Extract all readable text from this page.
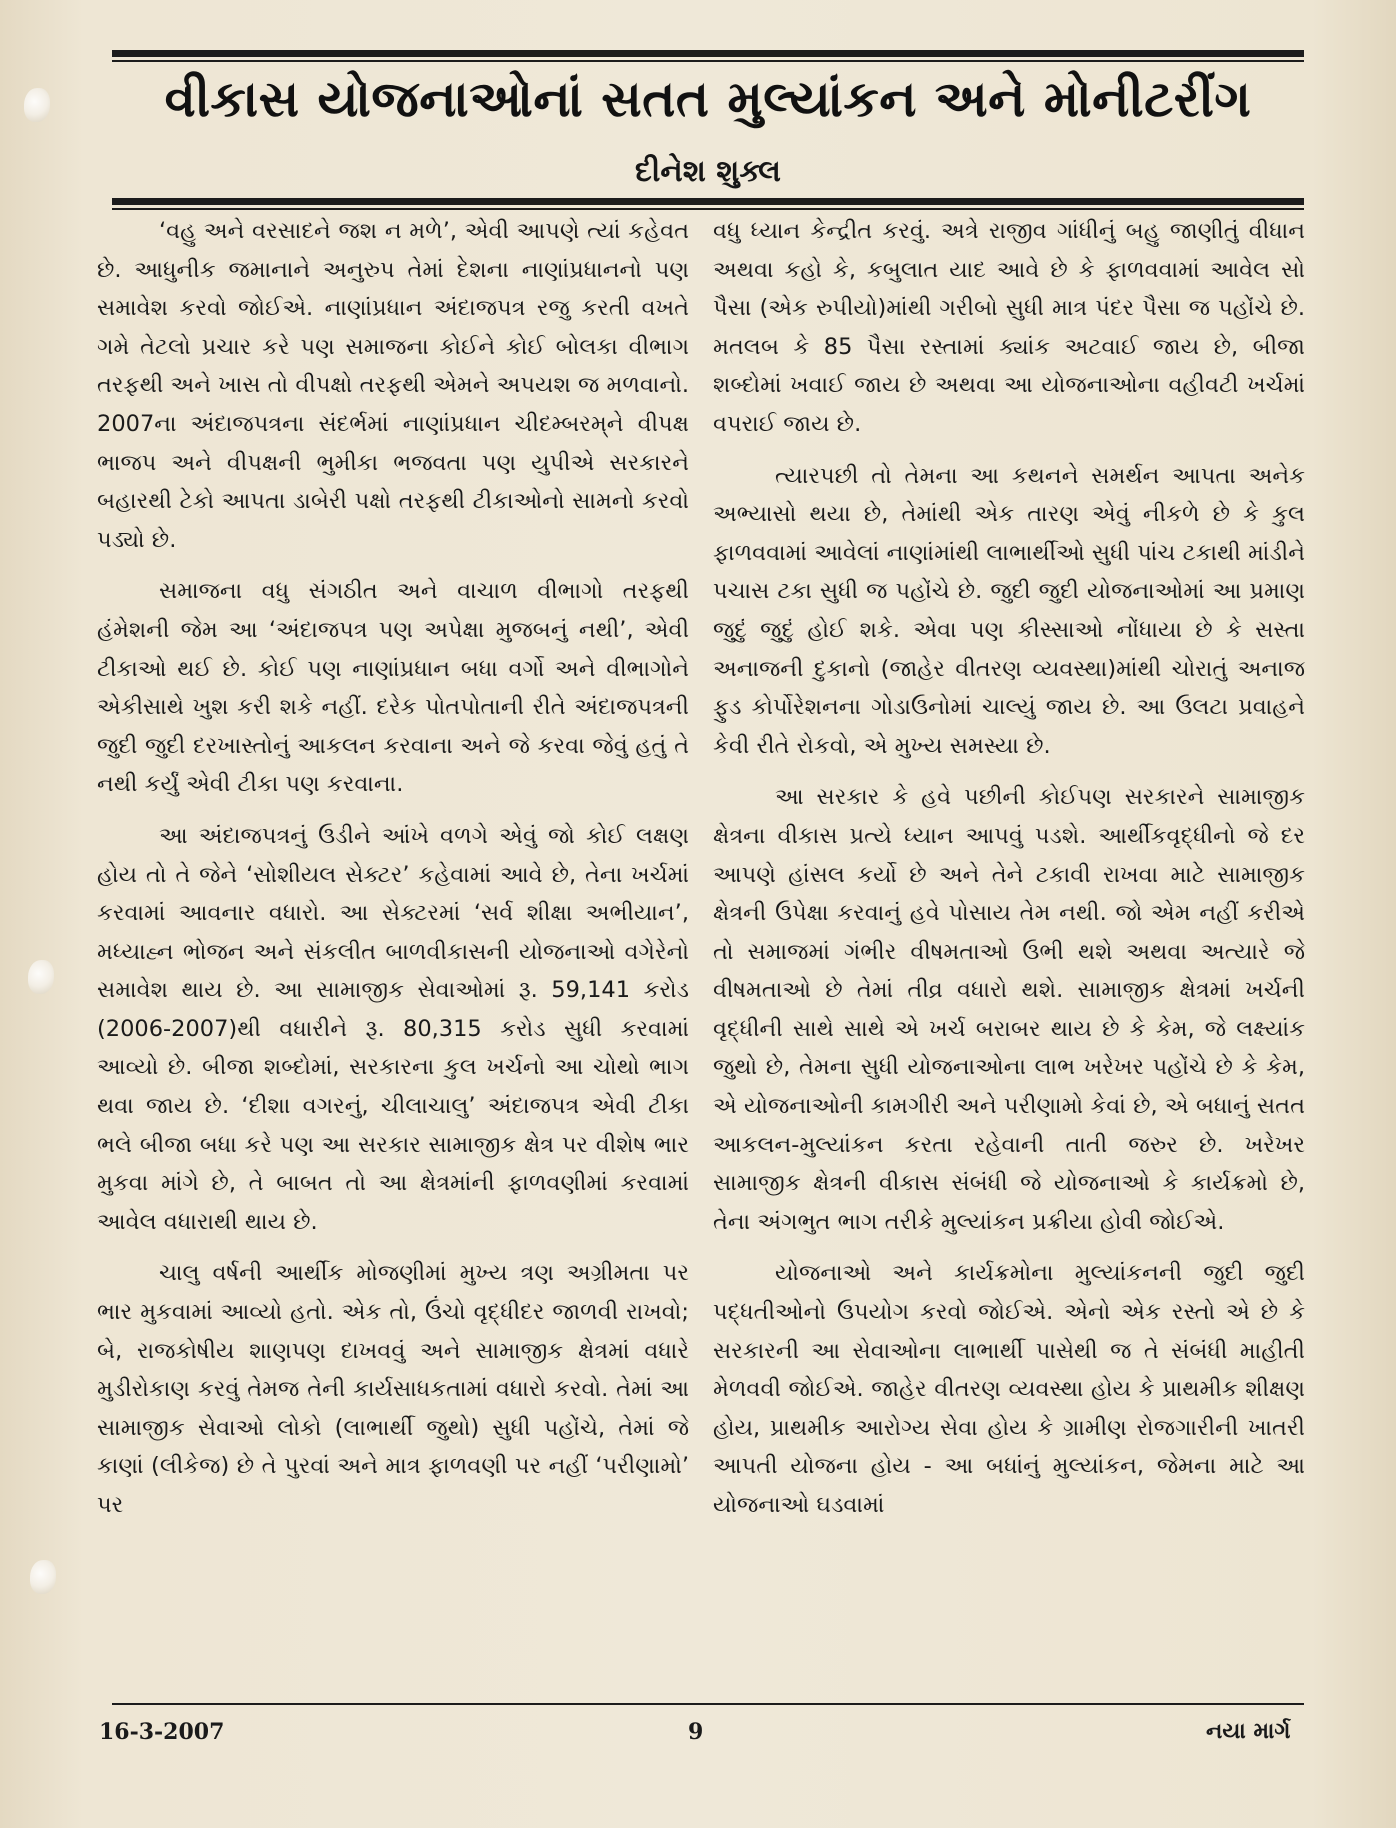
વીકાસ યોજનાઓનાં સતત મુલ્યાંકન અને મોનીટરીંગ
દીનેશ શુક્લ

‘વહુ અને વરસાદને જશ ન મળે’, એવી આપણે ત્યાં કહેવત છે. આધુનીક જમાનાને અનુરુપ તેમાં દેશના નાણાંપ્રધાનનો પણ સમાવેશ કરવો જોઈએ. નાણાંપ્રધાન અંદાજપત્ર રજુ કરતી વખતે ગમે તેટલો પ્રચાર કરે પણ સમાજના કોઈને કોઈ બોલકા વીભાગ તરફથી અને ખાસ તો વીપક્ષો તરફથી એમને અપયશ જ મળવાનો. 2007ના અંદાજપત્રના સંદર્ભમાં નાણાંપ્રધાન ચીદમ્બરમ્‌ને વીપક્ષ ભાજપ અને વીપક્ષની ભુમીકા ભજવતા પણ યુપીએ સરકારને બહારથી ટેકો આપતા ડાબેરી પક્ષો તરફથી ટીકાઓનો સામનો કરવો પડ્યો છે.

સમાજના વધુ સંગઠીત અને વાચાળ વીભાગો તરફથી હંમેશની જેમ આ ‘અંદાજપત્ર પણ અપેક્ષા મુજબનું નથી’, એવી ટીકાઓ થઈ છે. કોઈ પણ નાણાંપ્રધાન બધા વર્ગો અને વીભાગોને એકીસાથે ખુશ કરી શકે નહીં. દરેક પોતપોતાની રીતે અંદાજપત્રની જુદી જુદી દરખાસ્તોનું આકલન કરવાના અને જે કરવા જેવું હતું તે નથી કર્યું એવી ટીકા પણ કરવાના.

આ અંદાજપત્રનું ઉડીને આંખે વળગે એવું જો કોઈ લક્ષણ હોય તો તે જેને ‘સોશીયલ સેક્ટર’ કહેવામાં આવે છે, તેના ખર્ચમાં કરવામાં આવનાર વધારો. આ સેક્ટરમાં ‘સર્વ શીક્ષા અભીયાન’, મધ્યાહ્ન ભોજન અને સંકલીત બાળવીકાસની યોજનાઓ વગેરેનો સમાવેશ થાય છે. આ સામાજીક સેવાઓમાં રૂ. 59,141 કરોડ (2006-2007)થી વધારીને રૂ. 80,315 કરોડ સુધી કરવામાં આવ્યો છે. બીજા શબ્દોમાં, સરકારના કુલ ખર્ચનો આ ચોથો ભાગ થવા જાય છે. ‘દીશા વગરનું, ચીલાચાલુ’ અંદાજપત્ર એવી ટીકા ભલે બીજા બધા કરે પણ આ સરકાર સામાજીક ક્ષેત્ર પર વીશેષ ભાર મુકવા માંગે છે, તે બાબત તો આ ક્ષેત્રમાંની ફાળવણીમાં કરવામાં આવેલ વધારાથી થાય છે.

ચાલુ વર્ષની આર્થીક મોજણીમાં મુખ્ય ત્રણ અગ્રીમતા પર ભાર મુકવામાં આવ્યો હતો. એક તો, ઉંચો વૃદ્ધીદર જાળવી રાખવો; બે, રાજકોષીય શાણપણ દાખવવું અને સામાજીક ક્ષેત્રમાં વધારે મુડીરોકાણ કરવું તેમજ તેની કાર્યસાધકતામાં વધારો કરવો. તેમાં આ સામાજીક સેવાઓ લોકો (લાભાર્થી જુથો) સુધી પહોંચે, તેમાં જે કાણાં (લીકેજ) છે તે પુરવાં અને માત્ર ફાળવણી પર નહીં ‘પરીણામો’ પર

વધુ ધ્યાન કેન્દ્રીત કરવું. અત્રે રાજીવ ગાંધીનું બહુ જાણીતું વીધાન અથવા કહો કે, કબુલાત યાદ આવે છે કે ફાળવવામાં આવેલ સો પૈસા (એક રુપીયો)માંથી ગરીબો સુધી માત્ર પંદર પૈસા જ પહોંચે છે. મતલબ કે 85 પૈસા રસ્તામાં ક્યાંક અટવાઈ જાય છે, બીજા શબ્દોમાં ખવાઈ જાય છે અથવા આ યોજનાઓના વહીવટી ખર્ચમાં વપરાઈ જાય છે.

ત્યારપછી તો તેમના આ કથનને સમર્થન આપતા અનેક અભ્યાસો થયા છે, તેમાંથી એક તારણ એવું નીકળે છે કે કુલ ફાળવવામાં આવેલાં નાણાંમાંથી લાભાર્થીઓ સુધી પાંચ ટકાથી માંડીને પચાસ ટકા સુધી જ પહોંચે છે. જુદી જુદી યોજનાઓમાં આ પ્રમાણ જુદું જુદું હોઈ શકે. એવા પણ કીસ્સાઓ નોંધાયા છે કે સસ્તા અનાજની દુકાનો (જાહેર વીતરણ વ્યવસ્થા)માંથી ચોરાતું અનાજ ફુડ કોર્પોરેશનના ગોડાઉનોમાં ચાલ્યું જાય છે. આ ઉલટા પ્રવાહને કેવી રીતે રોકવો, એ મુખ્ય સમસ્યા છે.

આ સરકાર કે હવે પછીની કોઈપણ સરકારને સામાજીક ક્ષેત્રના વીકાસ પ્રત્યે ધ્યાન આપવું પડશે. આર્થીકવૃદ્ધીનો જે દર આપણે હાંસલ કર્યો છે અને તેને ટકાવી રાખવા માટે સામાજીક ક્ષેત્રની ઉપેક્ષા કરવાનું હવે પોસાય તેમ નથી. જો એમ નહીં કરીએ તો સમાજમાં ગંભીર વીષમતાઓ ઉભી થશે અથવા અત્યારે જે વીષમતાઓ છે તેમાં તીવ્ર વધારો થશે. સામાજીક ક્ષેત્રમાં ખર્ચની વૃદ્ધીની સાથે સાથે એ ખર્ચ બરાબર થાય છે કે કેમ, જે લક્ષ્યાંક જુથો છે, તેમના સુધી યોજનાઓના લાભ ખરેખર પહોંચે છે કે કેમ, એ યોજનાઓની કામગીરી અને પરીણામો કેવાં છે, એ બધાનું સતત આકલન-મુલ્યાંકન કરતા રહેવાની તાતી જરુર છે. ખરેખર સામાજીક ક્ષેત્રની વીકાસ સંબંધી જે યોજનાઓ કે કાર્યક્રમો છે, તેના અંગભુત ભાગ તરીકે મુલ્યાંકન પ્રક્રીયા હોવી જોઈએ.

યોજનાઓ અને કાર્યક્રમોના મુલ્યાંકનની જુદી જુદી પદ્ધતીઓનો ઉપયોગ કરવો જોઈએ. એનો એક રસ્તો એ છે કે સરકારની આ સેવાઓના લાભાર્થી પાસેથી જ તે સંબંધી માહીતી મેળવવી જોઈએ. જાહેર વીતરણ વ્યવસ્થા હોય કે પ્રાથમીક શીક્ષણ હોય, પ્રાથમીક આરોગ્ય સેવા હોય કે ગ્રામીણ રોજગારીની ખાતરી આપતી યોજના હોય - આ બધાંનું મુલ્યાંકન, જેમના માટે આ યોજનાઓ ઘડવામાં

16-3-2007	9	નયા માર્ગ
